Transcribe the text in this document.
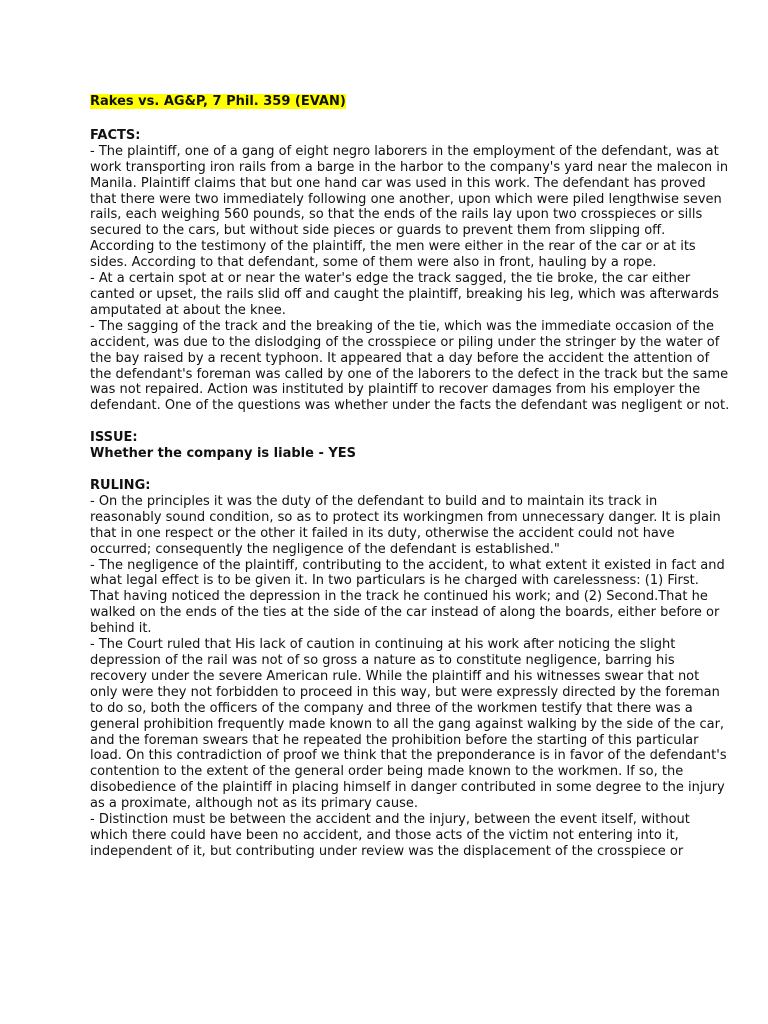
Rakes vs. AG&P, 7 Phil. 359 (EVAN)

FACTS:

- The plaintiff, one of a gang of eight negro laborers in the employment of the defendant, was at work transporting iron rails from a barge in the harbor to the company's yard near the malecon in Manila. Plaintiff claims that but one hand car was used in this work. The defendant has proved that there were two immediately following one another, upon which were piled lengthwise seven rails, each weighing 560 pounds, so that the ends of the rails lay upon two crosspieces or sills secured to the cars, but without side pieces or guards to prevent them from slipping off. According to the testimony of the plaintiff, the men were either in the rear of the car or at its sides. According to that defendant, some of them were also in front, hauling by a rope.

- At a certain spot at or near the water's edge the track sagged, the tie broke, the car either canted or upset, the rails slid off and caught the plaintiff, breaking his leg, which was afterwards amputated at about the knee.

- The sagging of the track and the breaking of the tie, which was the immediate occasion of the accident, was due to the dislodging of the crosspiece or piling under the stringer by the water of the bay raised by a recent typhoon. It appeared that a day before the accident the attention of the defendant's foreman was called by one of the laborers to the defect in the track but the same was not repaired. Action was instituted by plaintiff to recover damages from his employer the defendant. One of the questions was whether under the facts the defendant was negligent or not.

ISSUE:

Whether the company is liable - YES

RULING:

- On the principles it was the duty of the defendant to build and to maintain its track in reasonably sound condition, so as to protect its workingmen from unnecessary danger. It is plain that in one respect or the other it failed in its duty, otherwise the accident could not have occurred; consequently the negligence of the defendant is established."

- The negligence of the plaintiff, contributing to the accident, to what extent it existed in fact and what legal effect is to be given it. In two particulars is he charged with carelessness: (1) First. That having noticed the depression in the track he continued his work; and (2) Second.That he walked on the ends of the ties at the side of the car instead of along the boards, either before or behind it.

- The Court ruled that His lack of caution in continuing at his work after noticing the slight depression of the rail was not of so gross a nature as to constitute negligence, barring his recovery under the severe American rule. While the plaintiff and his witnesses swear that not only were they not forbidden to proceed in this way, but were expressly directed by the foreman to do so, both the officers of the company and three of the workmen testify that there was a general prohibition frequently made known to all the gang against walking by the side of the car, and the foreman swears that he repeated the prohibition before the starting of this particular load. On this contradiction of proof we think that the preponderance is in favor of the defendant's contention to the extent of the general order being made known to the workmen. If so, the disobedience of the plaintiff in placing himself in danger contributed in some degree to the injury as a proximate, although not as its primary cause.

- Distinction must be between the accident and the injury, between the event itself, without which there could have been no accident, and those acts of the victim not entering into it, independent of it, but contributing under review was the displacement of the crosspiece or
